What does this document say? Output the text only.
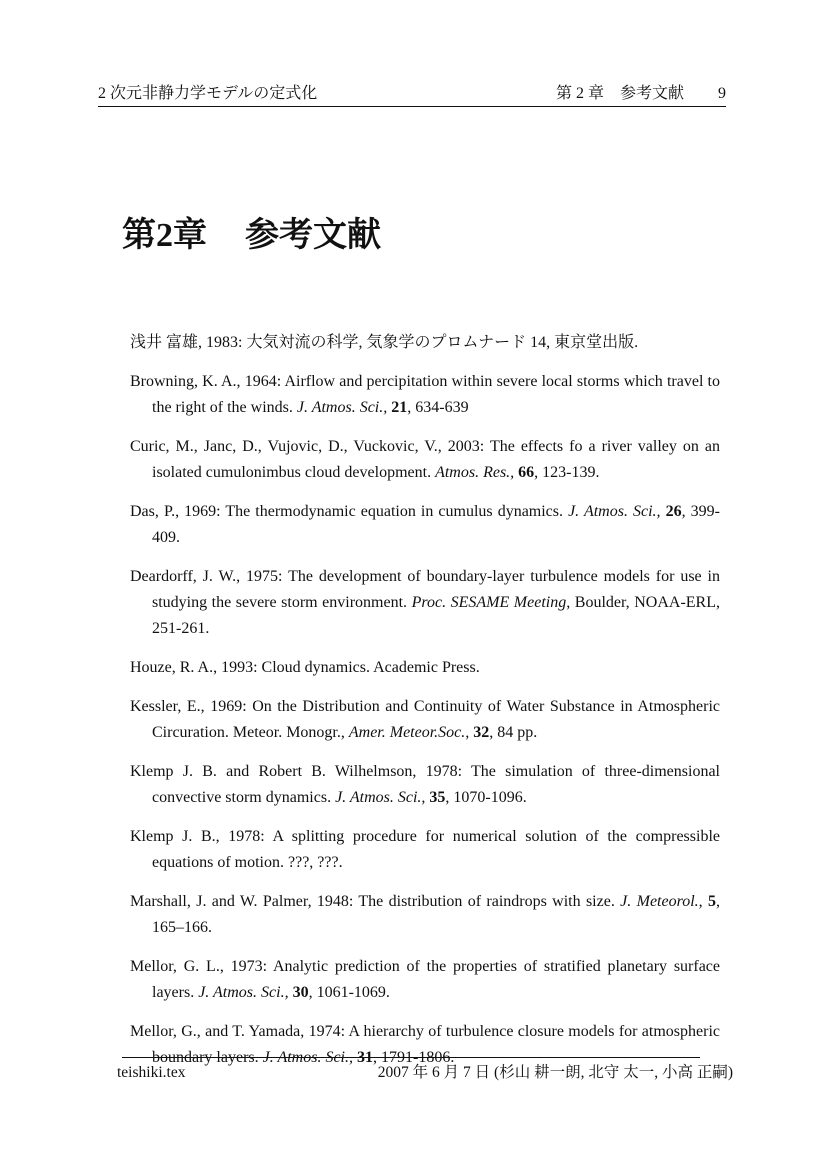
2 次元非静力学モデルの定式化	第 2 章　参考文献 9
第2章 参考文献

浅井 富雄, 1983: 大気対流の科学, 気象学のプロムナード 14, 東京堂出版.

Browning, K. A., 1964: Airflow and percipitation within severe local storms which travel to the right of the winds. J. Atmos. Sci., 21, 634-639

Curic, M., Janc, D., Vujovic, D., Vuckovic, V., 2003: The effects fo a river valley on an isolated cumulonimbus cloud development. Atmos. Res., 66, 123-139.

Das, P., 1969: The thermodynamic equation in cumulus dynamics. J. Atmos. Sci., 26, 399-409.

Deardorff, J. W., 1975: The development of boundary-layer turbulence models for use in studying the severe storm environment. Proc. SESAME Meeting, Boulder, NOAA-ERL, 251-261.

Houze, R. A., 1993: Cloud dynamics. Academic Press.

Kessler, E., 1969: On the Distribution and Continuity of Water Substance in Atmospheric Circuration. Meteor. Monogr., Amer. Meteor.Soc., 32, 84 pp.

Klemp J. B. and Robert B. Wilhelmson, 1978: The simulation of three-dimensional convective storm dynamics. J. Atmos. Sci., 35, 1070-1096.

Klemp J. B., 1978: A splitting procedure for numerical solution of the compressible equations of motion. ???, ???.

Marshall, J. and W. Palmer, 1948: The distribution of raindrops with size. J. Meteorol., 5, 165–166.

Mellor, G. L., 1973: Analytic prediction of the properties of stratified planetary surface layers. J. Atmos. Sci., 30, 1061-1069.

Mellor, G., and T. Yamada, 1974: A hierarchy of turbulence closure models for atmospheric boundary layers. J. Atmos. Sci., 31, 1791-1806.

teishiki.tex	2007 年 6 月 7 日 (杉山 耕一朗, 北守 太一, 小高 正嗣)
